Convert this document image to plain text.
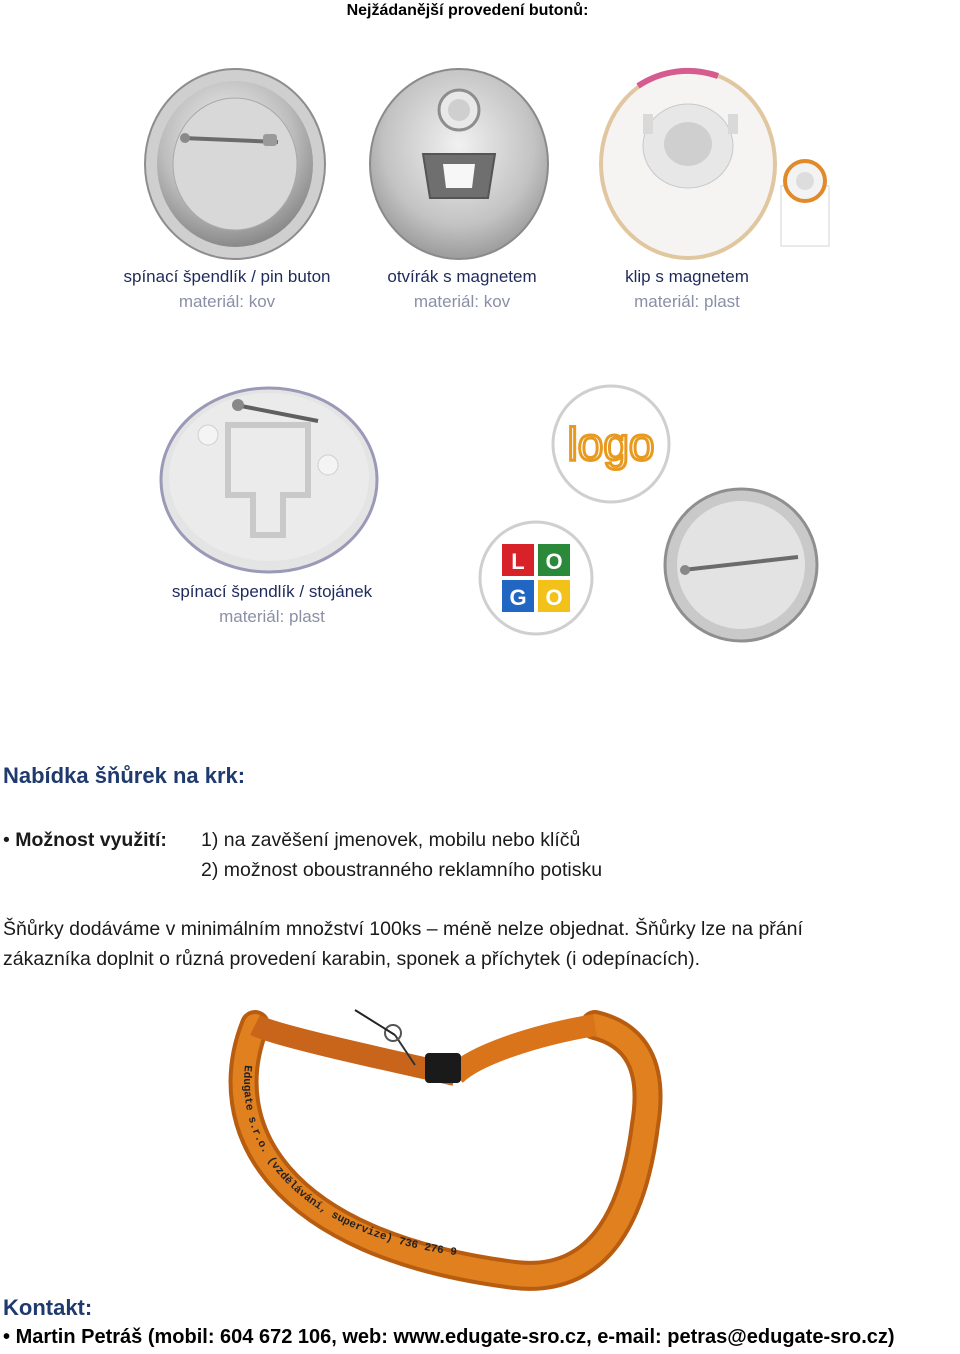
Nejžádanější provedení butonů:
spínací špendlík / pin buton
materiál: kov
otvírák s magnetem
materiál: kov
klip s magnetem
materiál: plast
logo
L O
G O
spínací špendlík / stojánek
materiál: plast
Nabídka šňůrek na krk:
• Možnost využití: 1) na zavěšení jmenovek, mobilu nebo klíčů
2) možnost oboustranného reklamního potisku
Šňůrky dodáváme v minimálním množství 100ks – méně nelze objednat. Šňůrky lze na přání
zákazníka doplnit o různá provedení karabin, sponek a příchytek (i odepínacích).
Edugate s.r.o. (vzdělávání, supervize) 736 276 938 www.edugate.cz
Kontakt:
• Martin Petráš (mobil: 604 672 106, web: www.edugate-sro.cz, e-mail: petras@edugate-sro.cz)
